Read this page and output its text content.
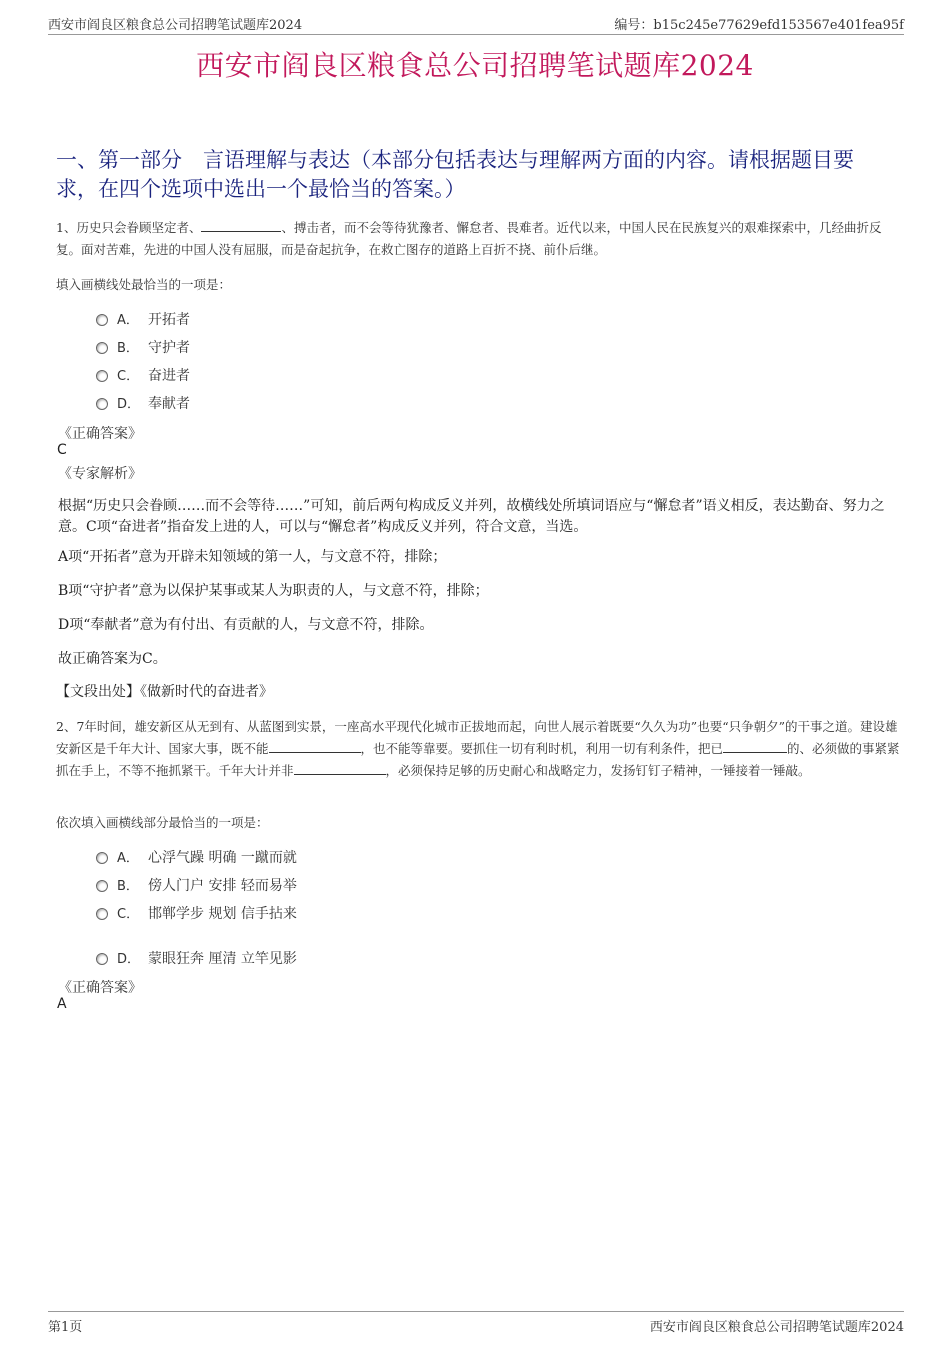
西安市阎良区粮食总公司招聘笔试题库2024	编号：b15c245e77629efd153567e401fea95f
西安市阎良区粮食总公司招聘笔试题库2024
一、第一部分　言语理解与表达（本部分包括表达与理解两方面的内容。请根据题目要求，在四个选项中选出一个最恰当的答案。）
1、历史只会眷顾坚定者、	、搏击者，而不会等待犹豫者、懈怠者、畏难者。近代以来，中国人民在民族复兴的艰难探索中，几经曲折反复。面对苦难，先进的中国人没有屈服，而是奋起抗争，在救亡图存的道路上百折不挠、前仆后继。
填入画横线处最恰当的一项是：
A． 开拓者
B． 守护者
C． 奋进者
D． 奉献者
《正确答案》
C
《专家解析》
根据“历史只会眷顾……而不会等待……”可知，前后两句构成反义并列，故横线处所填词语应与“懈怠者”语义相反，表达勤奋、努力之意。C项“奋进者”指奋发上进的人，可以与“懈怠者”构成反义并列，符合文意，当选。
A项“开拓者”意为开辟未知领域的第一人，与文意不符，排除；
B项“守护者”意为以保护某事或某人为职责的人，与文意不符，排除；
D项“奉献者”意为有付出、有贡献的人，与文意不符，排除。
故正确答案为C。
【文段出处】《做新时代的奋进者》
2、7年时间，雄安新区从无到有、从蓝图到实景，一座高水平现代化城市正拔地而起，向世人展示着既要“久久为功”也要“只争朝夕”的干事之道。建设雄安新区是千年大计、国家大事，既不能	，也不能等靠要。要抓住一切有利时机，利用一切有利条件，把已	的、必须做的事紧紧抓在手上，不等不拖抓紧干。千年大计并非	，必须保持足够的历史耐心和战略定力，发扬钉钉子精神，一锤接着一锤敲。
依次填入画横线部分最恰当的一项是：
A． 心浮气躁 明确 一蹴而就
B． 傍人门户 安排 轻而易举
C． 邯郸学步 规划 信手拈来
D． 蒙眼狂奔 厘清 立竿见影
《正确答案》
A
第1页	西安市阎良区粮食总公司招聘笔试题库2024
